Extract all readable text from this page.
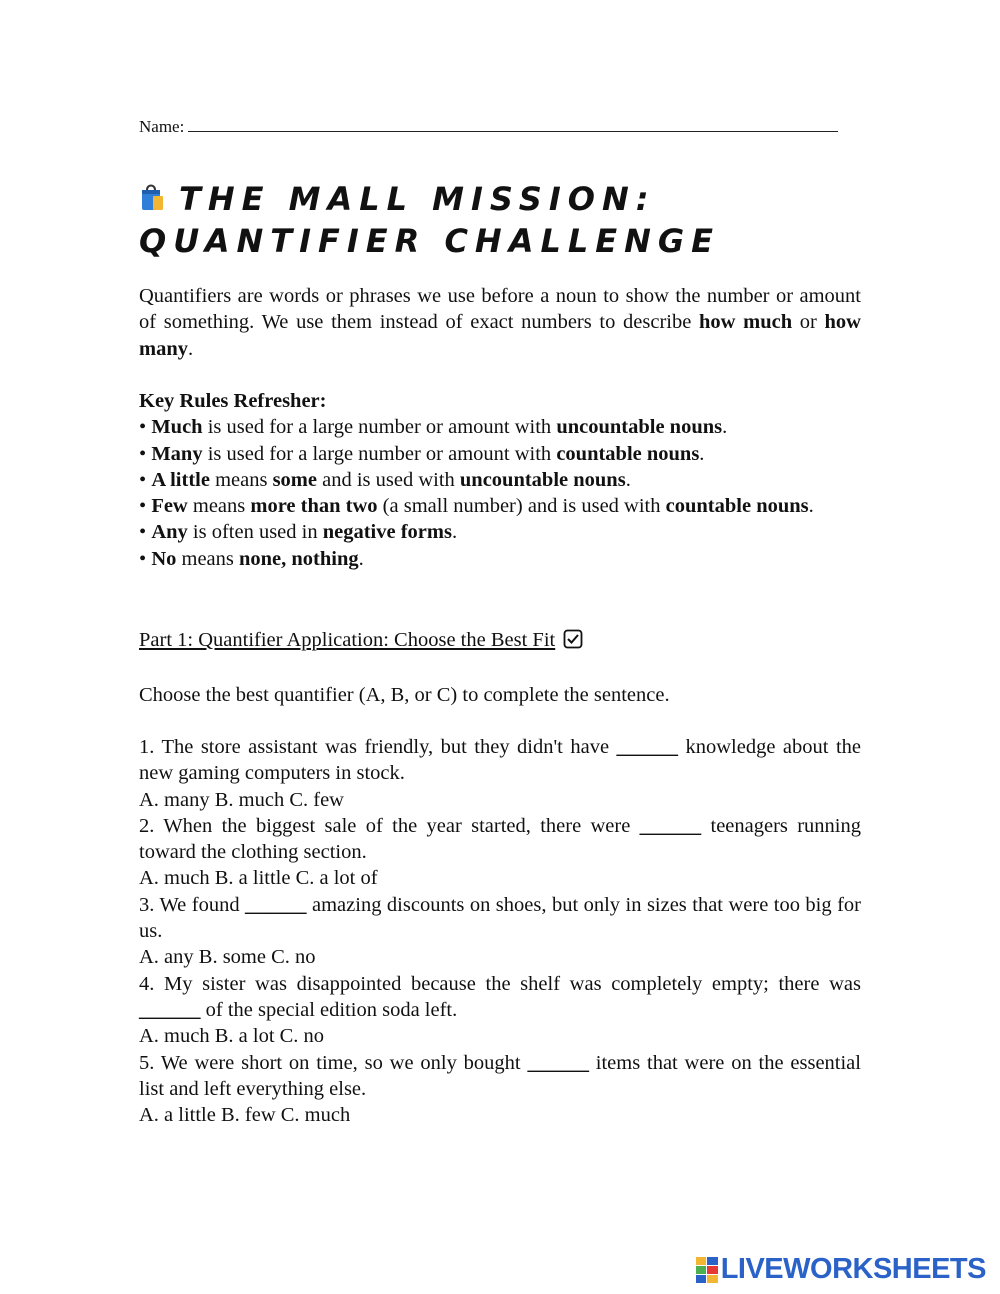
Name:
THE MALL MISSION:
QUANTIFIER CHALLENGE
Quantifiers are words or phrases we use before a noun to show the number or amount of something. We use them instead of exact numbers to describe how much or how many.
Key Rules Refresher:
• Much is used for a large number or amount with uncountable nouns.
• Many is used for a large number or amount with countable nouns.
• A little means some and is used with uncountable nouns.
• Few means more than two (a small number) and is used with countable nouns.
• Any is often used in negative forms.
• No means none, nothing.
Part 1: Quantifier Application: Choose the Best Fit
Choose the best quantifier (A, B, or C) to complete the sentence.
1. The store assistant was friendly, but they didn't have ______ knowledge about the new gaming computers in stock.
A. many B. much C. few
2. When the biggest sale of the year started, there were ______ teenagers running toward the clothing section.
A. much B. a little C. a lot of
3. We found ______ amazing discounts on shoes, but only in sizes that were too big for us.
A. any B. some C. no
4. My sister was disappointed because the shelf was completely empty; there was ______ of the special edition soda left.
A. much B. a lot C. no
5. We were short on time, so we only bought ______ items that were on the essential list and left everything else.
A. a little B. few C. much
LIVEWORKSHEETS
